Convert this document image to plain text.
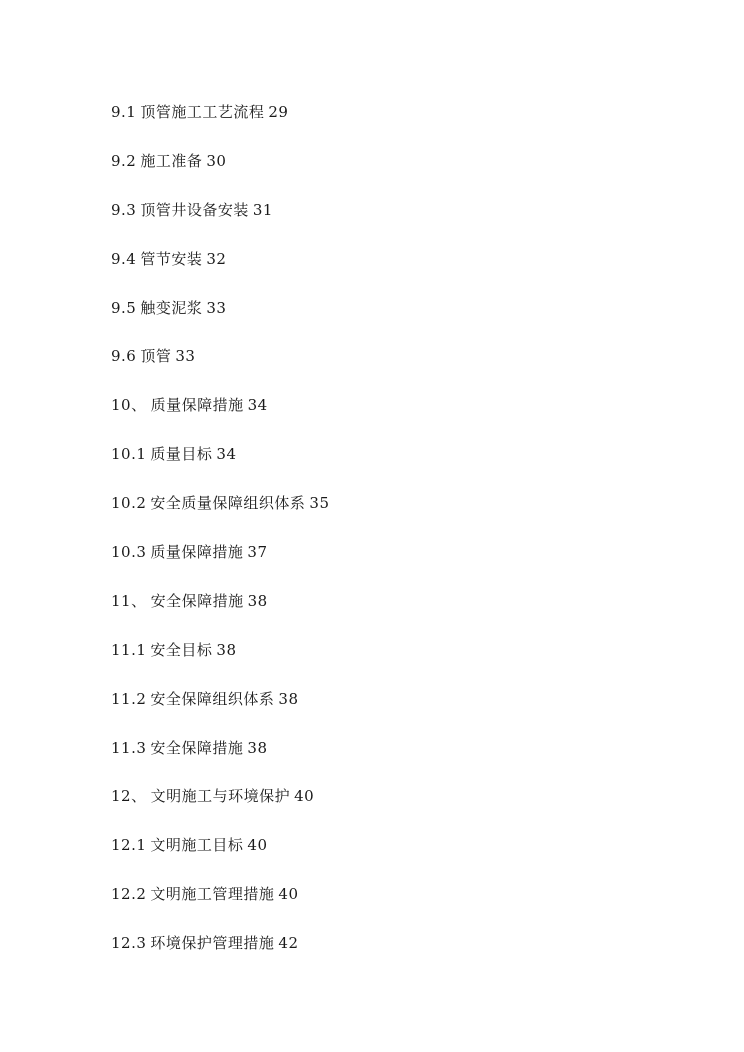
9.1 顶管施工工艺流程 29
9.2 施工准备 30
9.3 顶管井设备安装 31
9.4 管节安装 32
9.5 触变泥浆 33
9.6 顶管 33
10、 质量保障措施 34
10.1 质量目标 34
10.2 安全质量保障组织体系 35
10.3 质量保障措施 37
11、 安全保障措施 38
11.1 安全目标 38
11.2 安全保障组织体系 38
11.3 安全保障措施 38
12、 文明施工与环境保护 40
12.1 文明施工目标 40
12.2 文明施工管理措施 40
12.3 环境保护管理措施 42
